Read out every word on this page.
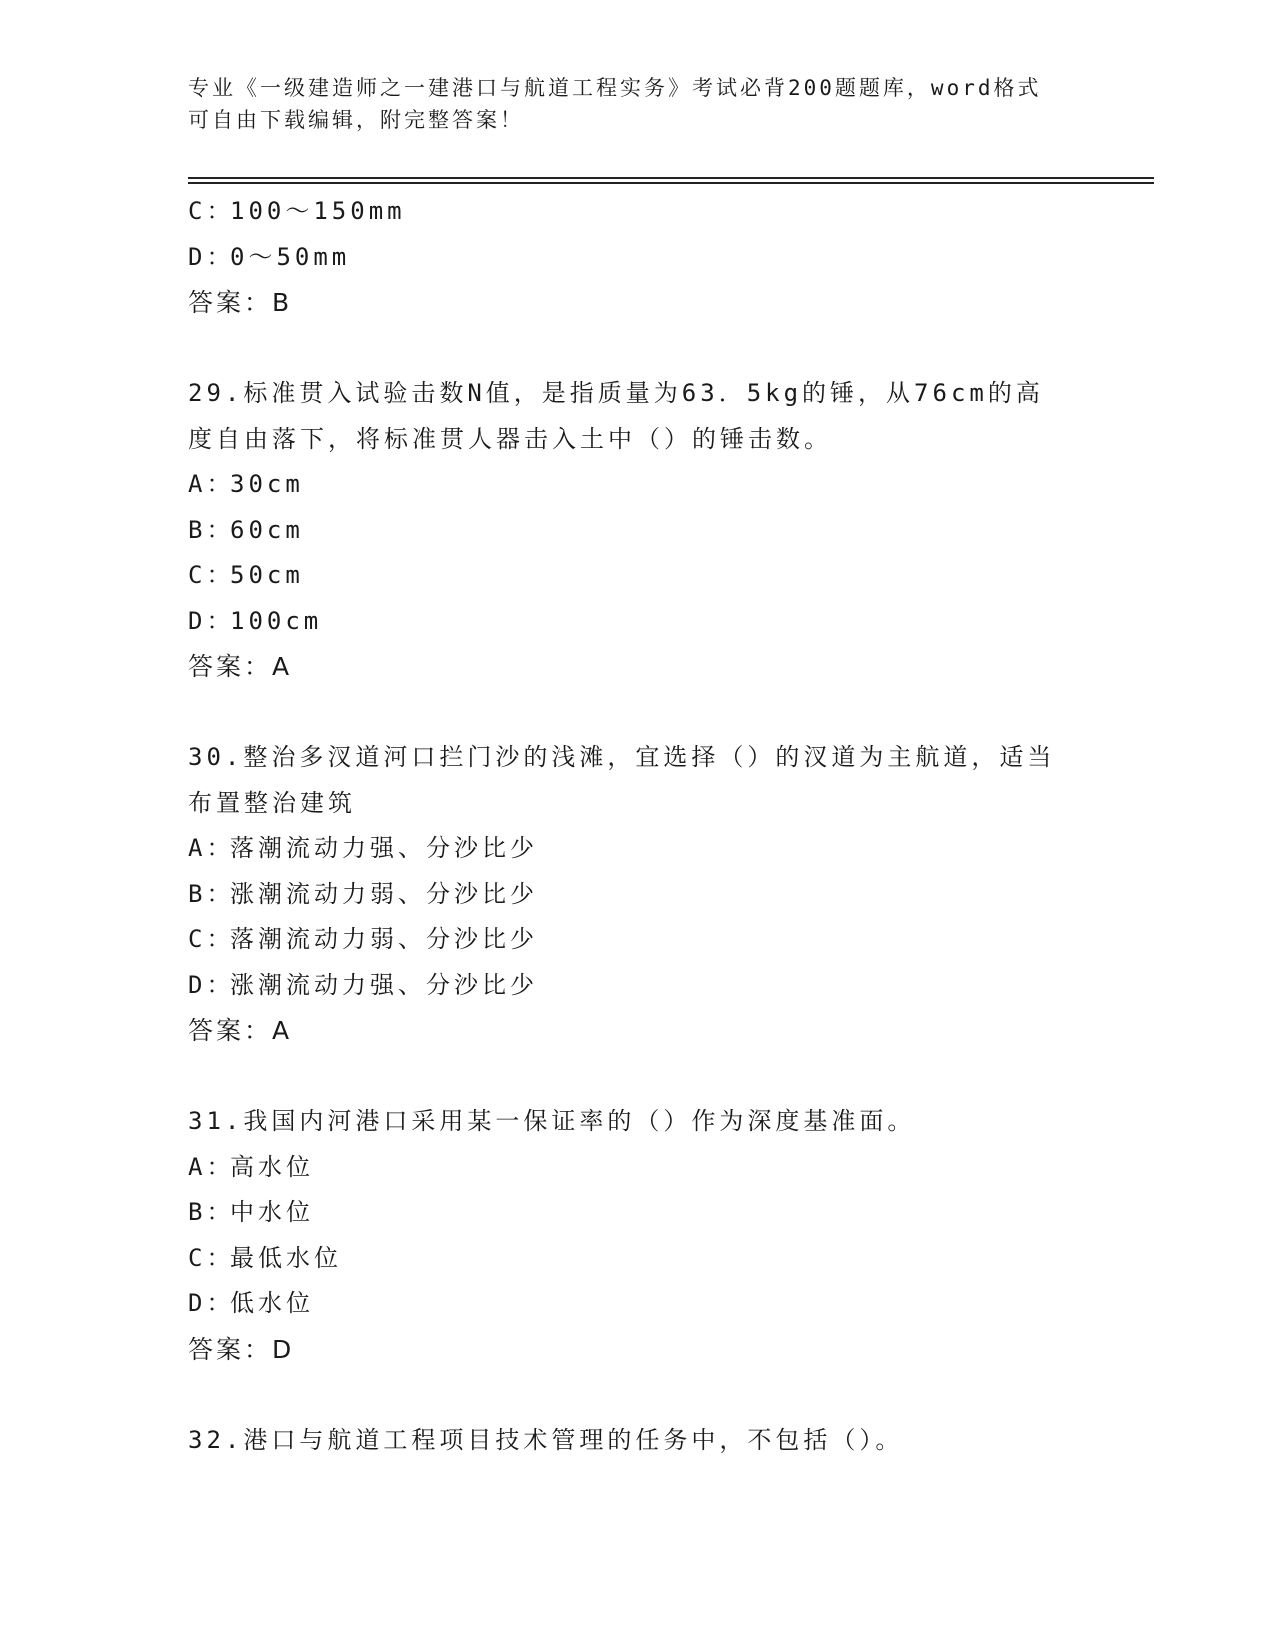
专业《一级建造师之一建港口与航道工程实务》考试必背200题题库，word格式
可自由下载编辑，附完整答案！
C：100～150mm
D：0～50mm
答案：B
29.标准贯入试验击数N值，是指质量为63．5kg的锤，从76cm的高
度自由落下，将标准贯人器击入土中（）的锤击数。
A：30cm
B：60cm
C：50cm
D：100cm
答案：A
30.整治多汊道河口拦门沙的浅滩，宜选择（）的汊道为主航道，适当
布置整治建筑
A：落潮流动力强、分沙比少
B：涨潮流动力弱、分沙比少
C：落潮流动力弱、分沙比少
D：涨潮流动力强、分沙比少
答案：A
31.我国内河港口采用某一保证率的（）作为深度基准面。
A：高水位
B：中水位
C：最低水位
D：低水位
答案：D
32.港口与航道工程项目技术管理的任务中，不包括（）。
